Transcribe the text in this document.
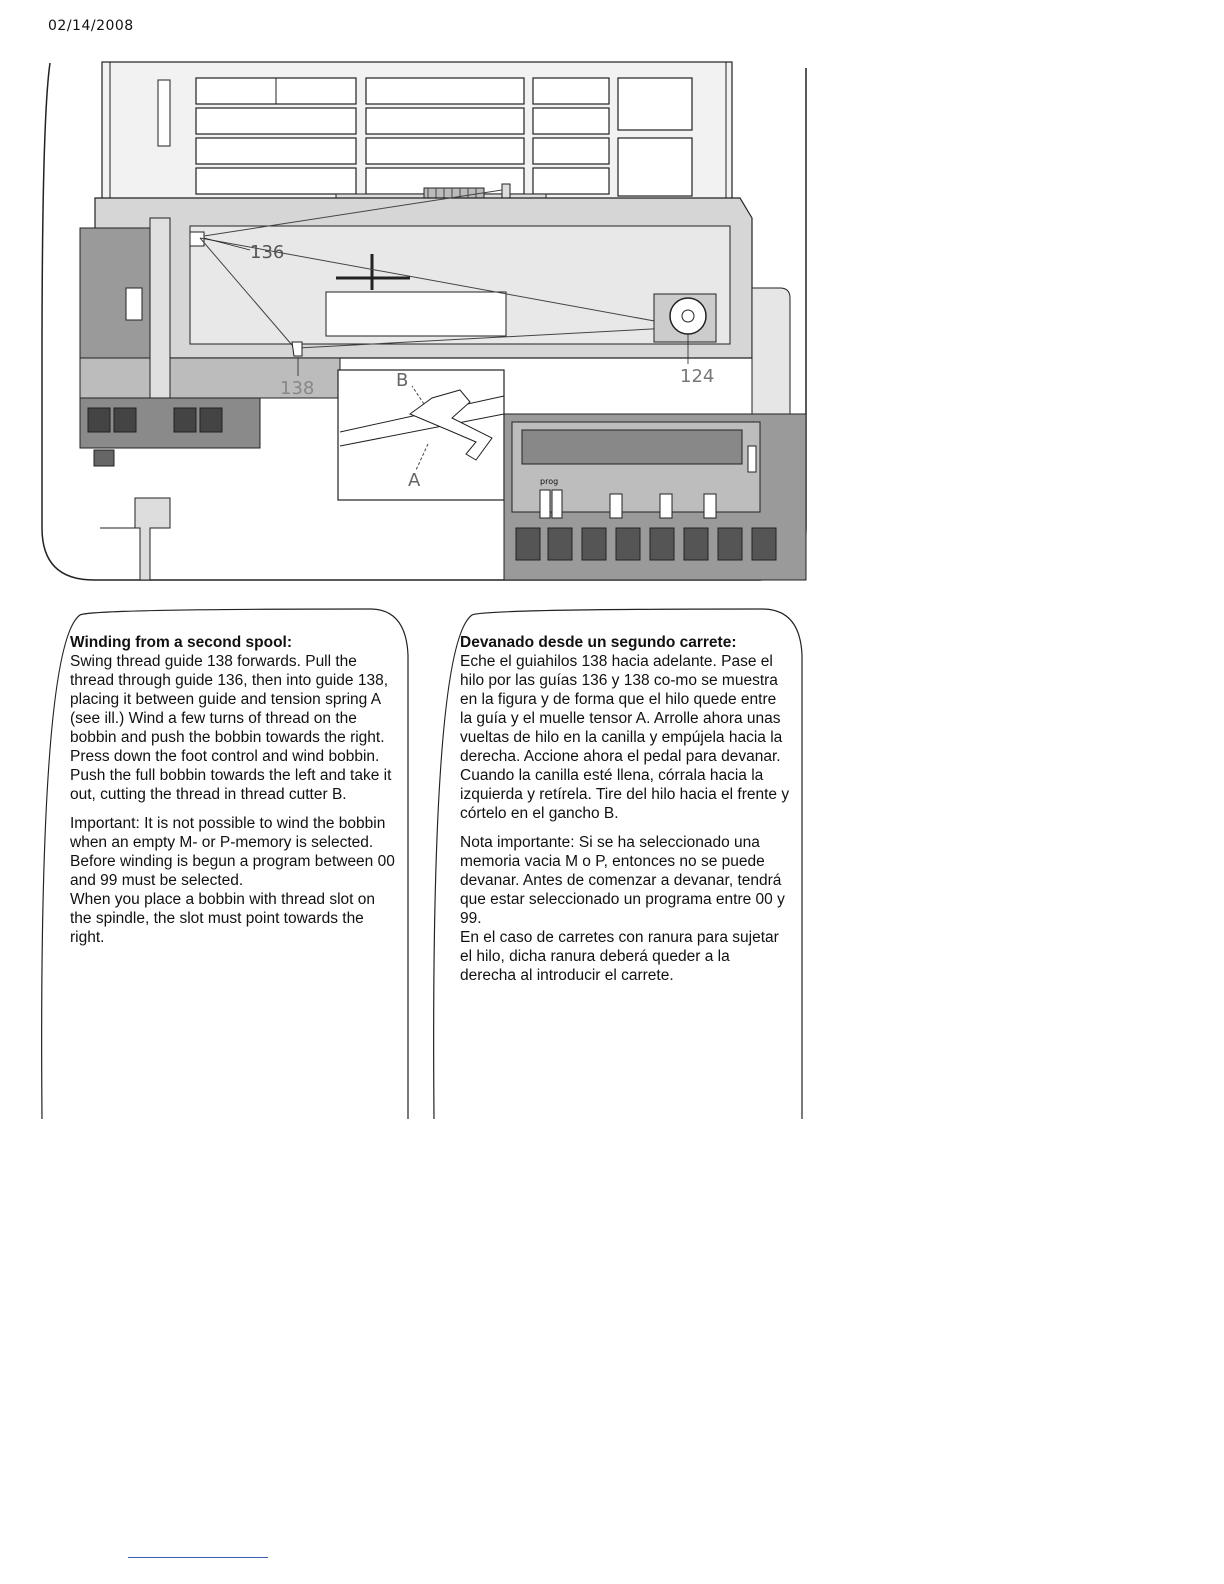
02/14/2008
136
138
124
B
A	prog
Winding from a second spool:

Swing thread guide 138 forwards. Pull the thread through guide 136, then into guide 138, placing it between guide and tension spring A (see ill.) Wind a few turns of thread on the bobbin and push the bobbin towards the right.

Press down the foot control and wind bobbin. Push the full bobbin towards the left and take it out, cutting the thread in thread cutter B.

Important: It is not possible to wind the bobbin when an empty M- or P-memory is selected. Before winding is begun a program between 00 and 99 must be selected.

When you place a bobbin with thread slot on the spindle, the slot must point towards the right.

Devanado desde un segundo carrete:

Eche el guiahilos 138 hacia adelante. Pase el hilo por las guías 136 y 138 co-mo se muestra en la figura y de forma que el hilo quede entre la guía y el muelle tensor A. Arrolle ahora unas vueltas de hilo en la canilla y empújela hacia la derecha. Accione ahora el pedal para devanar. Cuando la canilla esté llena, córrala hacia la izquierda y retírela. Tire del hilo hacia el frente y córtelo en el gancho B.

Nota importante: Si se ha seleccionado una memoria vacia M o P, entonces no se puede devanar. Antes de comenzar a devanar, tendrá que estar seleccionado un programa entre 00 y 99.

En el caso de carretes con ranura para sujetar el hilo, dicha ranura deberá queder a la derecha al introducir el carrete.
